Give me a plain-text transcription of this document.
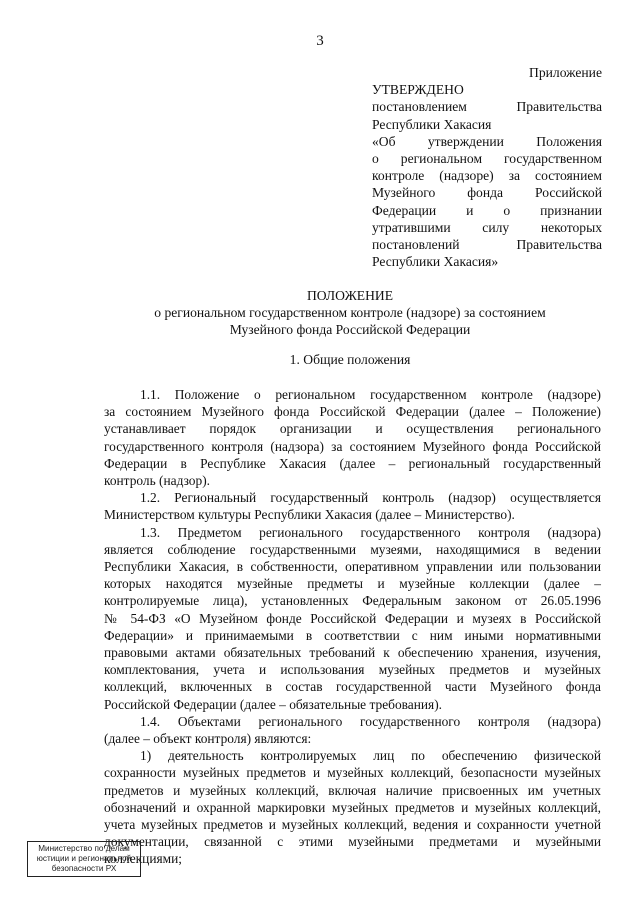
3
Приложение
УТВЕРЖДЕНО
постановлением Правительства
Республики Хакасия
«Об утверждении Положения
о региональном государственном
контроле (надзоре) за состоянием
Музейного фонда Российской
Федерации и о признании
утратившими силу некоторых
постановлений Правительства
Республики Хакасия»
ПОЛОЖЕНИЕ
о региональном государственном контроле (надзоре) за состоянием
Музейного фонда Российской Федерации
1. Общие положения
1.1. Положение о региональном государственном контроле (надзоре)
за состоянием Музейного фонда Российской Федерации (далее – Положение)
устанавливает порядок организации и осуществления регионального
государственного контроля (надзора) за состоянием Музейного фонда Российской
Федерации в Республике Хакасия (далее – региональный государственный
контроль (надзор).
1.2. Региональный государственный контроль (надзор) осуществляется
Министерством культуры Республики Хакасия (далее – Министерство).
1.3. Предметом регионального государственного контроля (надзора)
является соблюдение государственными музеями, находящимися в ведении
Республики Хакасия, в собственности, оперативном управлении или пользовании
которых находятся музейные предметы и музейные коллекции (далее –
контролируемые лица), установленных Федеральным законом от 26.05.1996
№ 54-ФЗ «О Музейном фонде Российской Федерации и музеях в Российской
Федерации» и принимаемыми в соответствии с ним иными нормативными
правовыми актами обязательных требований к обеспечению хранения, изучения,
комплектования, учета и использования музейных предметов и музейных
коллекций, включенных в состав государственной части Музейного фонда
Российской Федерации (далее – обязательные требования).
1.4. Объектами регионального государственного контроля (надзора)
(далее – объект контроля) являются:
1) деятельность контролируемых лиц по обеспечению физической
сохранности музейных предметов и музейных коллекций, безопасности музейных
предметов и музейных коллекций, включая наличие присвоенных им учетных
обозначений и охранной маркировки музейных предметов и музейных коллекций,
учета музейных предметов и музейных коллекций, ведения и сохранности учетной
документации, связанной с этими музейными предметами и музейными
коллекциями;
Министерство по делам
юстиции и региональной
безопасности РХ
